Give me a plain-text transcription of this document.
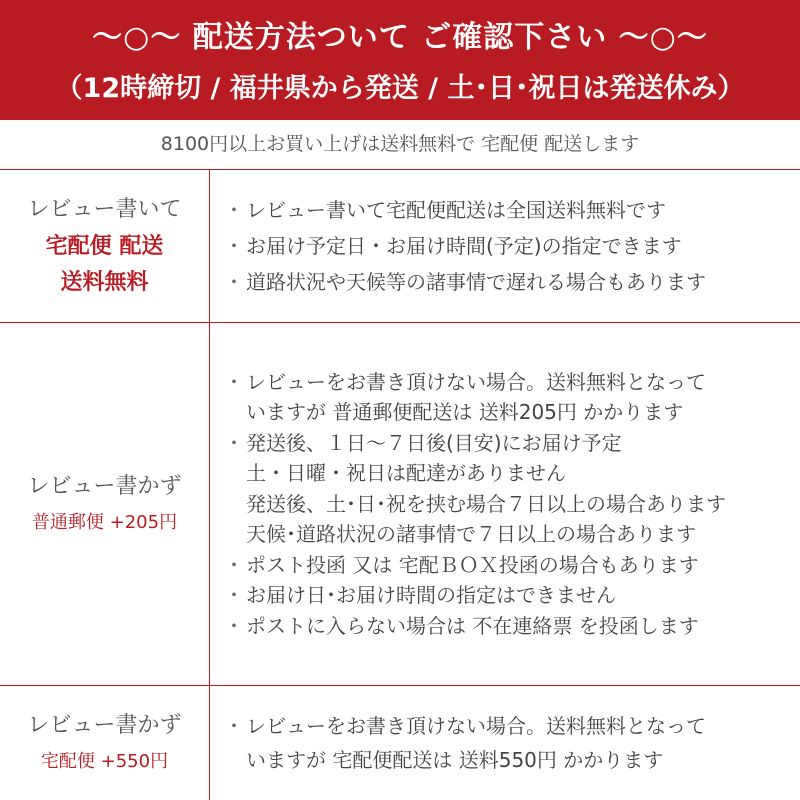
～○～ 配送方法ついて ご確認下さい ～○～
（12時締切 / 福井県から発送 / 土･日･祝日は発送休み）
8100円以上お買い上げは送料無料で 宅配便 配送します
レビュー書いて
宅配便 配送
送料無料
・ レビュー書いて宅配便配送は全国送料無料です
・ お届け予定日・お届け時間(予定)の指定できます
・ 道路状況や天候等の諸事情で遅れる場合もあります
レビュー書かず
普通郵便 +205円
・ レビューをお書き頂けない場合。送料無料となって
いますが 普通郵便配送は 送料205円 かかります
・ 発送後、１日～７日後(目安)にお届け予定
土・日曜・祝日は配達がありません
発送後、土･日･祝を挟む場合７日以上の場合あります
天候･道路状況の諸事情で７日以上の場合あります
・ ポスト投函 又は 宅配ＢＯＸ投函の場合もあります
・ お届け日･お届け時間の指定はできません
・ ポストに入らない場合は 不在連絡票 を投函します
レビュー書かず
宅配便 +550円
・ レビューをお書き頂けない場合。送料無料となって
いますが 宅配便配送は 送料550円 かかります
